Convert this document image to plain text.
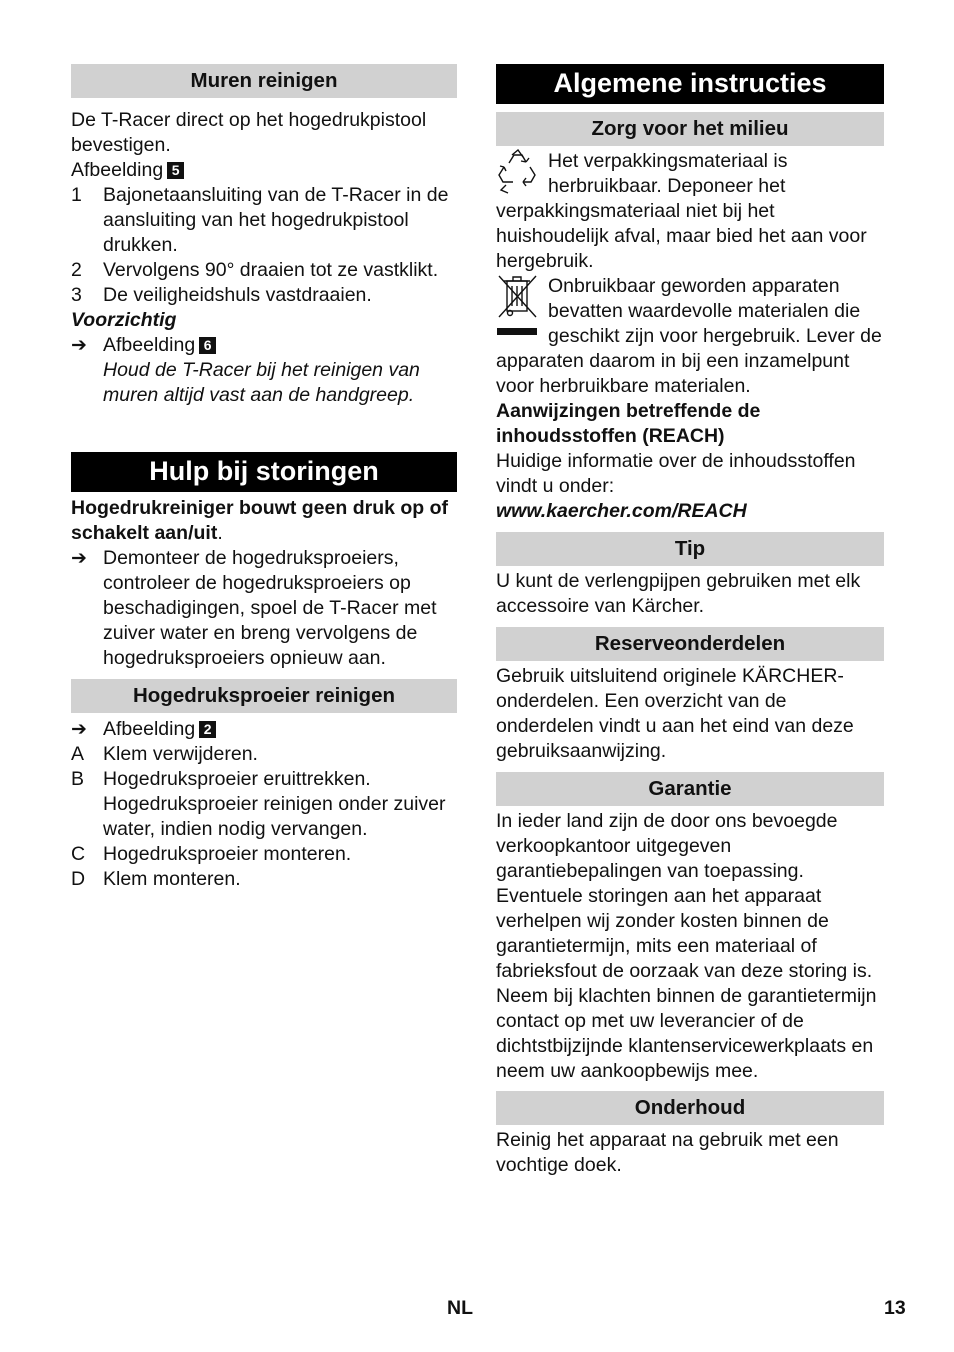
Muren reinigen

De T-Racer direct op het hogedrukpistool bevestigen.

Afbeelding 5

1	Bajonetaansluiting van de T-Racer in de aansluiting van het hogedrukpistool drukken.
2	Vervolgens 90° draaien tot ze vastklikt.
3	De veiligheidshuls vastdraaien.

Voorzichtig

➔ Afbeelding 6
Houd de T-Racer bij het reinigen van muren altijd vast aan de handgreep.
Hulp bij storingen

Hogedrukreiniger bouwt geen druk op of schakelt aan/uit.

➔ Demonteer de hogedruksproeiers, controleer de hogedruksproeiers op beschadigingen, spoel de T-Racer met zuiver water en breng vervolgens de hogedruksproeiers opnieuw aan.
Hogedruksproeier reinigen
➔ Afbeelding 2
A Klem verwijderen.
B Hogedruksproeier eruittrekken. Hogedruksproeier reinigen onder zuiver water, indien nodig vervangen.
C Hogedruksproeier monteren.
D Klem monteren.
Algemene instructies
Zorg voor het milieu

Het verpakkingsmateriaal is herbruikbaar. Deponeer het verpakkingsmateriaal niet bij het huishoudelijk afval, maar bied het aan voor hergebruik.

Onbruikbaar geworden apparaten bevatten waardevolle materialen die geschikt zijn voor hergebruik. Lever de apparaten daarom in bij een inzamelpunt voor herbruikbare materialen.

Aanwijzingen betreffende de inhoudsstoffen (REACH)

Huidige informatie over de inhoudsstoffen vindt u onder:

www.kaercher.com/REACH

Tip

U kunt de verlengpijpen gebruiken met elk accessoire van Kärcher.

Reserveonderdelen

Gebruik uitsluitend originele KÄRCHER-onderdelen. Een overzicht van de onderdelen vindt u aan het eind van deze gebruiksaanwijzing.

Garantie

In ieder land zijn de door ons bevoegde verkoopkantoor uitgegeven garantiebepalingen van toepassing. Eventuele storingen aan het apparaat verhelpen wij zonder kosten binnen de garantietermijn, mits een materiaal of fabrieksfout de oorzaak van deze storing is. Neem bij klachten binnen de garantietermijn contact op met uw leverancier of de dichtstbijzijnde klantenservicewerkplaats en neem uw aankoopbewijs mee.

Onderhoud

Reinig het apparaat na gebruik met een vochtige doek.

NL	13
